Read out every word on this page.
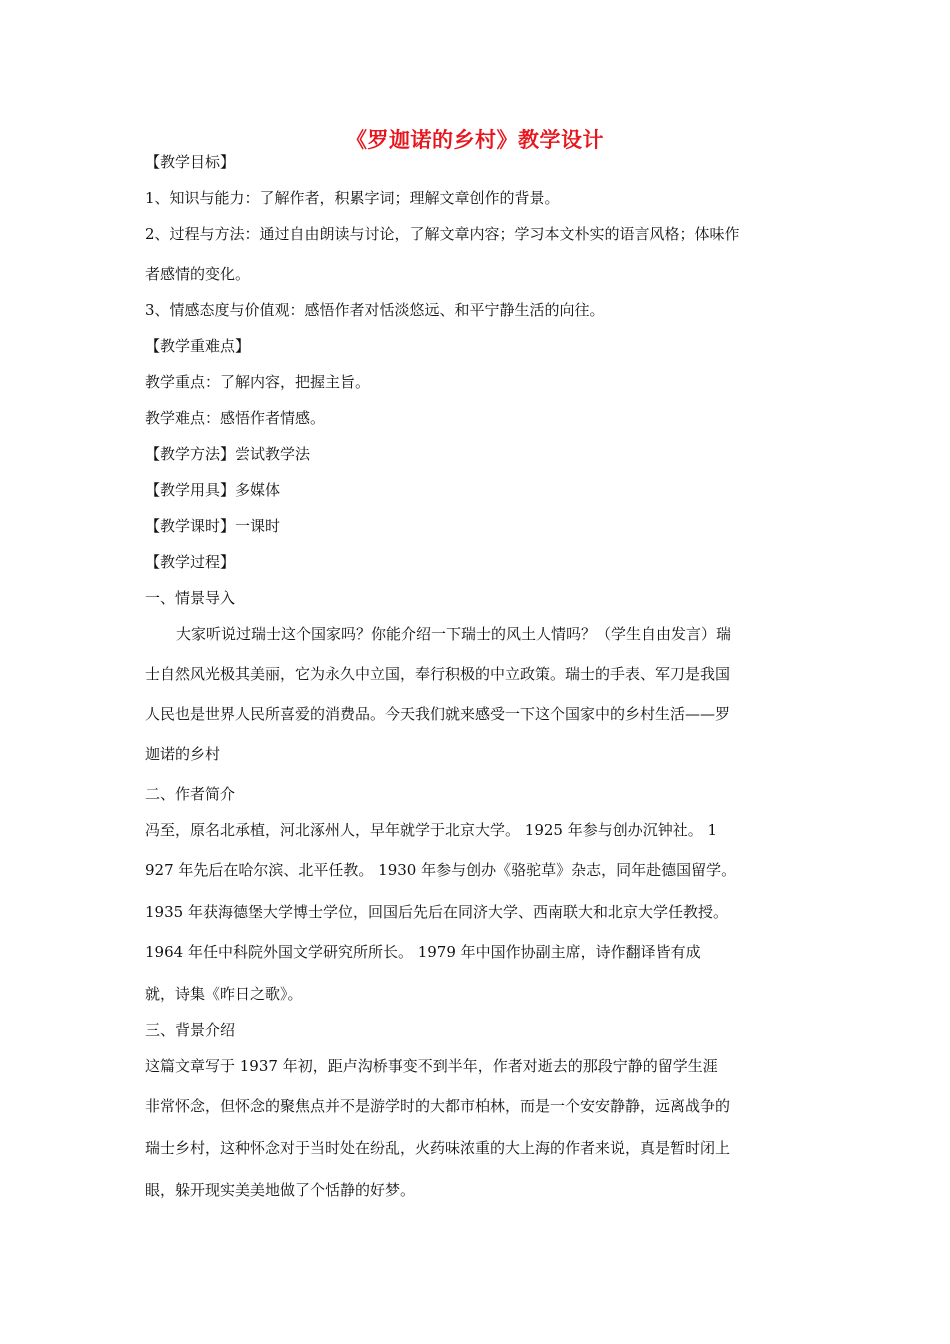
《罗迦诺的乡村》教学设计
【教学目标】
1、知识与能力：了解作者，积累字词；理解文章创作的背景。
2、过程与方法：通过自由朗读与讨论，了解文章内容；学习本文朴实的语言风格；体味作
者感情的变化。
3、情感态度与价值观：感悟作者对恬淡悠远、和平宁静生活的向往。
【教学重难点】
教学重点：了解内容，把握主旨。
教学难点：感悟作者情感。
【教学方法】尝试教学法
【教学用具】多媒体
【教学课时】一课时
【教学过程】
一、情景导入
大家听说过瑞士这个国家吗？你能介绍一下瑞士的风土人情吗？（学生自由发言）瑞
士自然风光极其美丽，它为永久中立国，奉行积极的中立政策。瑞士的手表、军刀是我国
人民也是世界人民所喜爱的消费品。今天我们就来感受一下这个国家中的乡村生活——罗
迦诺的乡村
二、作者简介
冯至，原名北承植，河北涿州人，早年就学于北京大学。 1925 年参与创办沉钟社。 1
927 年先后在哈尔滨、北平任教。 1930 年参与创办《骆驼草》杂志，同年赴德国留学。
1935 年获海德堡大学博士学位，回国后先后在同济大学、西南联大和北京大学任教授。
1964 年任中科院外国文学研究所所长。 1979 年中国作协副主席，诗作翻译皆有成
就，诗集《昨日之歌》。
三、背景介绍
这篇文章写于 1937 年初，距卢沟桥事变不到半年，作者对逝去的那段宁静的留学生涯
非常怀念，但怀念的聚焦点并不是游学时的大都市柏林，而是一个安安静静，远离战争的
瑞士乡村，这种怀念对于当时处在纷乱，火药味浓重的大上海的作者来说，真是暂时闭上
眼，躲开现实美美地做了个恬静的好梦。
